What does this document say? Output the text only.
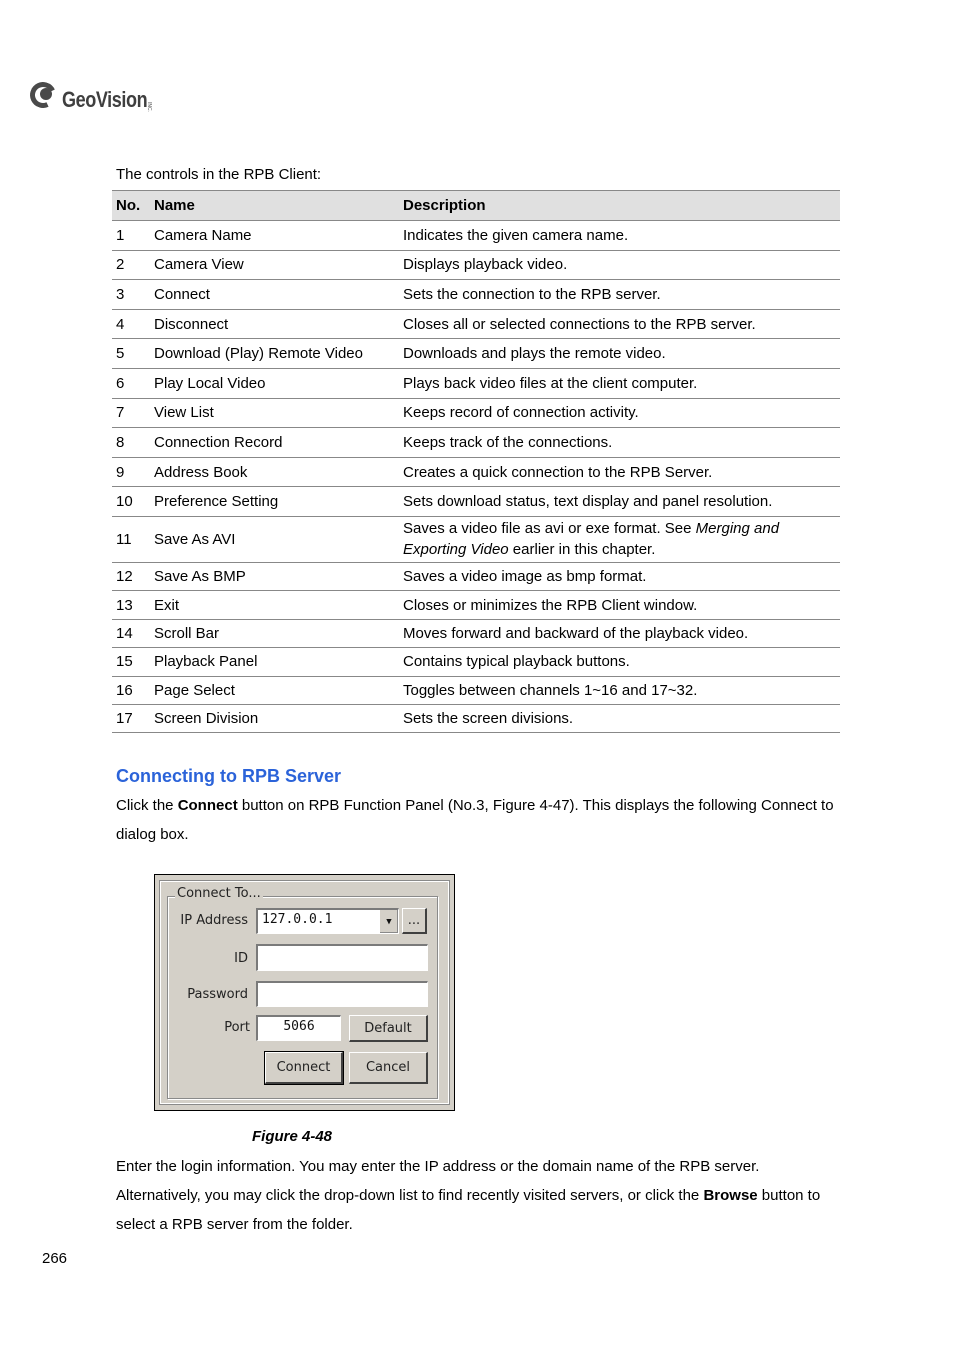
GeoVision
INC.
The controls in the RPB Client:
No.	Name	Description
1	Camera Name	Indicates the given camera name.
2	Camera View	Displays playback video.
3	Connect	Sets the connection to the RPB server.
4	Disconnect	Closes all or selected connections to the RPB server.
5	Download (Play) Remote Video	Downloads and plays the remote video.
6	Play Local Video	Plays back video files at the client computer.
7	View List	Keeps record of connection activity.
8	Connection Record	Keeps track of the connections.
9	Address Book	Creates a quick connection to the RPB Server.
10	Preference Setting	Sets download status, text display and panel resolution.
11	Save As AVI	Saves a video file as avi or exe format. See Merging and Exporting Video earlier in this chapter.
12	Save As BMP	Saves a video image as bmp format.
13	Exit	Closes or minimizes the RPB Client window.
14	Scroll Bar	Moves forward and backward of the playback video.
15	Playback Panel	Contains typical playback buttons.
16	Page Select	Toggles between channels 1~16 and 17~32.
17	Screen Division	Sets the screen divisions.
Connecting to RPB Server

Click the Connect button on RPB Function Panel (No.3, Figure 4-47). This displays the following Connect to dialog box.

Connect To...
IP Address	127.0.0.1	▼	...
ID
Password
Port	5066	Default
Connect	Cancel
Figure 4-48

Enter the login information. You may enter the IP address or the domain name of the RPB server. Alternatively, you may click the drop-down list to find recently visited servers, or click the Browse button to select a RPB server from the folder.

266
